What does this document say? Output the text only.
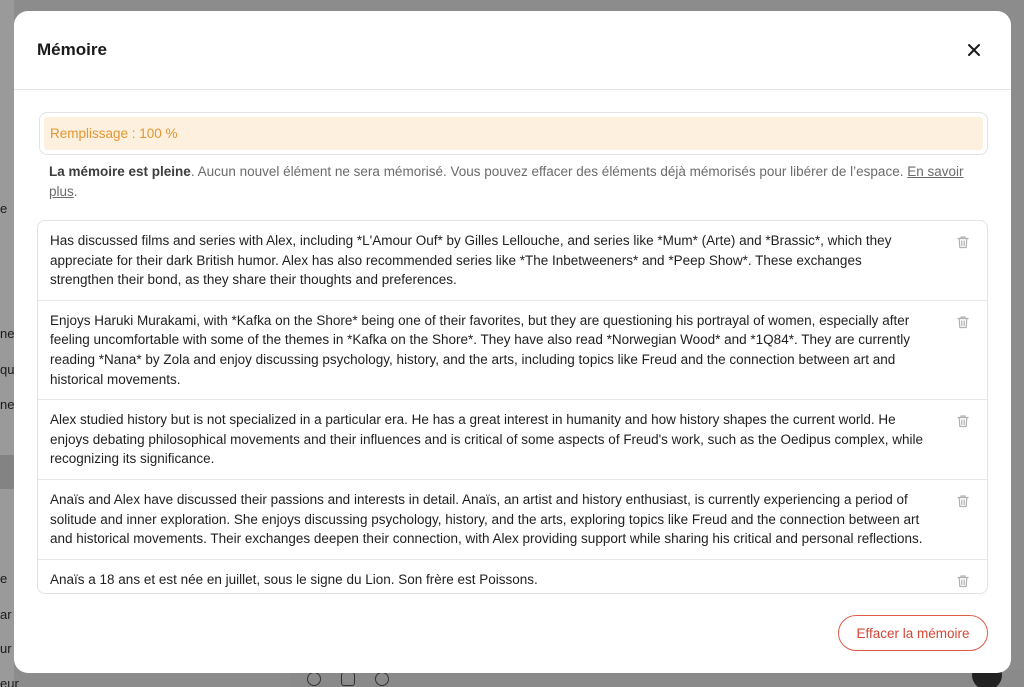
e
ne
qu
ne
e
ar
ur
eur
Mémoire
Remplissage : 100 %
La mémoire est pleine. Aucun nouvel élément ne sera mémorisé. Vous pouvez effacer des éléments déjà mémorisés pour libérer de l’espace. En savoir plus.
Has discussed films and series with Alex, including *L'Amour Ouf* by Gilles Lellouche, and series like *Mum* (Arte) and *Brassic*, which they appreciate for their dark British humor. Alex has also recommended series like *The Inbetweeners* and *Peep Show*. These exchanges strengthen their bond, as they share their thoughts and preferences.
Enjoys Haruki Murakami, with *Kafka on the Shore* being one of their favorites, but they are questioning his portrayal of women, especially after feeling uncomfortable with some of the themes in *Kafka on the Shore*. They have also read *Norwegian Wood* and *1Q84*. They are currently reading *Nana* by Zola and enjoy discussing psychology, history, and the arts, including topics like Freud and the connection between art and historical movements.
Alex studied history but is not specialized in a particular era. He has a great interest in humanity and how history shapes the current world. He enjoys debating philosophical movements and their influences and is critical of some aspects of Freud's work, such as the Oedipus complex, while recognizing its significance.
Anaïs and Alex have discussed their passions and interests in detail. Anaïs, an artist and history enthusiast, is currently experiencing a period of solitude and inner exploration. She enjoys discussing psychology, history, and the arts, exploring topics like Freud and the connection between art and historical movements. Their exchanges deepen their connection, with Alex providing support while sharing his critical and personal reflections.
Anaïs a 18 ans et est née en juillet, sous le signe du Lion. Son frère est Poissons.
Effacer la mémoire
